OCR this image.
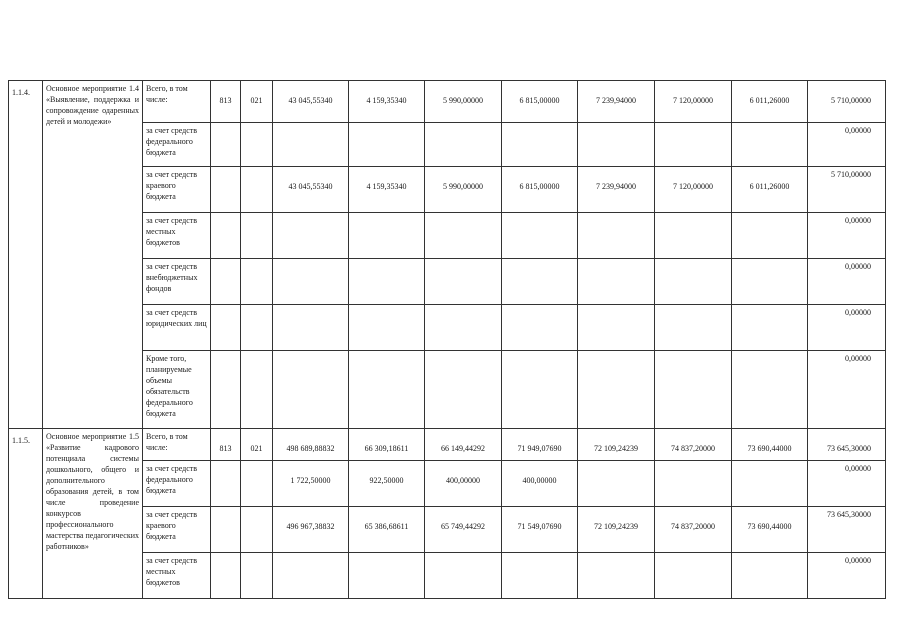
1.1.4.	Основное мероприятие 1.4 «Выявление, поддержка и сопровождение одаренных детей и молодежи»	Всего, в том числе:	813	021	43 045,55340	4 159,35340	5 990,00000	6 815,00000	7 239,94000	7 120,00000	6 011,26000	5 710,00000
		за счет средств федерального бюджета										0,00000
		за счет средств краевого бюджета			43 045,55340	4 159,35340	5 990,00000	6 815,00000	7 239,94000	7 120,00000	6 011,26000	5 710,00000
		за счет средств местных бюджетов										0,00000
		за счет средств внебюджетных фондов										0,00000
		за счет средств юридических лиц										0,00000
		Кроме того, планируемые объемы обязательств федерального бюджета										0,00000
1.1.5.	Основное мероприятие 1.5 «Развитие кадрового потенциала системы дошкольного, общего и дополнительного образования детей, в том числе проведение конкурсов профессионального мастерства педагогических работников»	Всего, в том числе:	813	021	498 689,88832	66 309,18611	66 149,44292	71 949,07690	72 109,24239	74 837,20000	73 690,44000	73 645,30000
		за счет средств федерального бюджета			1 722,50000	922,50000	400,00000	400,00000				0,00000
		за счет средств краевого бюджета			496 967,38832	65 386,68611	65 749,44292	71 549,07690	72 109,24239	74 837,20000	73 690,44000	73 645,30000
		за счет средств местных бюджетов										0,00000
